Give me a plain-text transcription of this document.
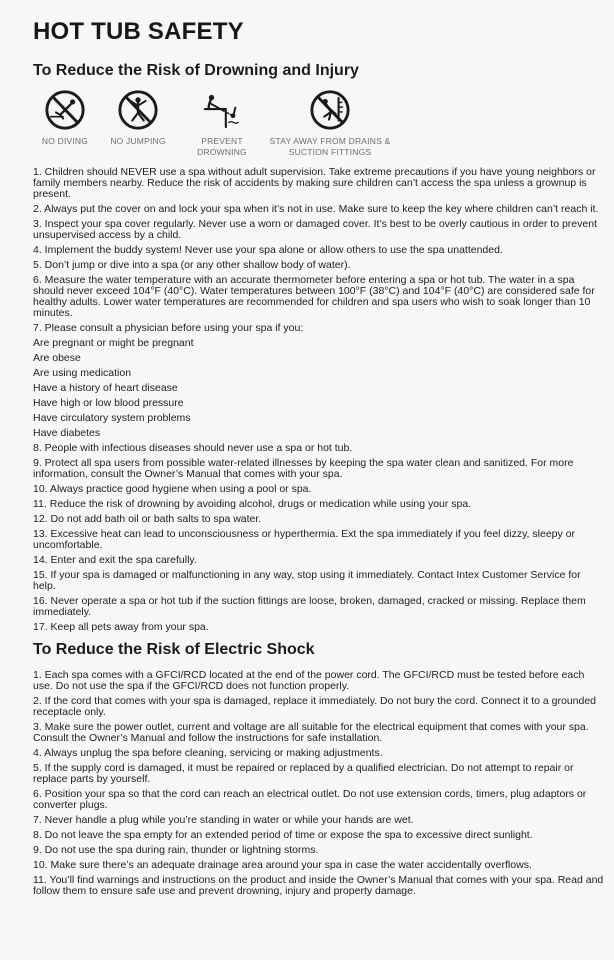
HOT TUB SAFETY
To Reduce the Risk of Drowning and Injury
NO DIVING	NO JUMPING	PREVENT DROWNING
STAY AWAY FROM DRAINS & SUCTION FITTINGS

1. Children should NEVER use a spa without adult supervision. Take extreme precautions if you have young neighbors or family members nearby. Reduce the risk of accidents by making sure children can’t access the spa unless a grownup is present.

2. Always put the cover on and lock your spa when it’s not in use. Make sure to keep the key where children can’t reach it.

3. Inspect your spa cover regularly. Never use a worn or damaged cover. It’s best to be overly cautious in order to prevent unsupervised access by a child.

4. Implement the buddy system! Never use your spa alone or allow others to use the spa unattended.

5. Don’t jump or dive into a spa (or any other shallow body of water).

6. Measure the water temperature with an accurate thermometer before entering a spa or hot tub. The water in a spa should never exceed 104°F (40°C). Water temperatures between 100°F (38°C) and 104°F (40°C) are considered safe for healthy adults. Lower water temperatures are recommended for children and spa users who wish to soak longer than 10 minutes.

7. Please consult a physician before using your spa if you:

Are pregnant or might be pregnant

Are obese

Are using medication

Have a history of heart disease

Have high or low blood pressure

Have circulatory system problems

Have diabetes

8. People with infectious diseases should never use a spa or hot tub.

9. Protect all spa users from possible water-related illnesses by keeping the spa water clean and sanitized. For more information, consult the Owner’s Manual that comes with your spa.

10. Always practice good hygiene when using a pool or spa.

11. Reduce the risk of drowning by avoiding alcohol, drugs or medication while using your spa.

12. Do not add bath oil or bath salts to spa water.

13. Excessive heat can lead to unconsciousness or hyperthermia. Ext the spa immediately if you feel dizzy, sleepy or uncomfortable.

14. Enter and exit the spa carefully.

15. If your spa is damaged or malfunctioning in any way, stop using it immediately. Contact Intex Customer Service for help.

16. Never operate a spa or hot tub if the suction fittings are loose, broken, damaged, cracked or missing. Replace them immediately.

17. Keep all pets away from your spa.

To Reduce the Risk of Electric Shock

1. Each spa comes with a GFCI/RCD located at the end of the power cord. The GFCI/RCD must be tested before each use. Do not use the spa if the GFCI/RCD does not function properly.

2. If the cord that comes with your spa is damaged, replace it immediately. Do not bury the cord. Connect it to a grounded receptacle only.

3. Make sure the power outlet, current and voltage are all suitable for the electrical equipment that comes with your spa. Consult the Owner’s Manual and follow the instructions for safe installation.

4. Always unplug the spa before cleaning, servicing or making adjustments.

5. If the supply cord is damaged, it must be repaired or replaced by a qualified electrician. Do not attempt to repair or replace parts by yourself.

6. Position your spa so that the cord can reach an electrical outlet. Do not use extension cords, timers, plug adaptors or converter plugs.

7. Never handle a plug while you’re standing in water or while your hands are wet.

8. Do not leave the spa empty for an extended period of time or expose the spa to excessive direct sunlight.

9. Do not use the spa during rain, thunder or lightning storms.

10. Make sure there’s an adequate drainage area around your spa in case the water accidentally overflows.

11. You’ll find warnings and instructions on the product and inside the Owner’s Manual that comes with your spa. Read and follow them to ensure safe use and prevent drowning, injury and property damage.
